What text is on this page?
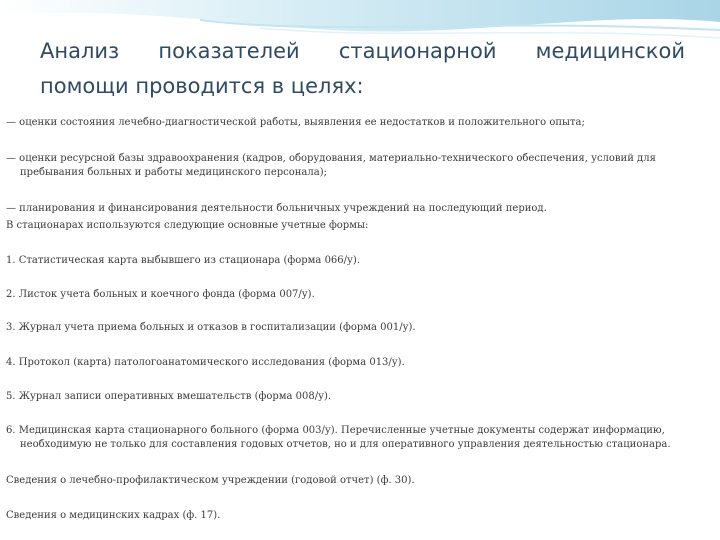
Анализ показателей стационарной медицинской
помощи проводится в целях:

— оценки состояния лечебно-диагностической работы, выявления ее недостатков и положительного опыта;

— оценки ресурсной базы здравоохранения (кадров, оборудования, материально-технического обеспечения, условий для пребывания больных и работы медицинского персонала);

— планирования и финансирования деятельности больничных учреждений на последующий период.

В стационарах используются следующие основные учетные формы:

1. Статистическая карта выбывшего из стационара (форма 066/у).

2. Листок учета больных и коечного фонда (форма 007/у).

3. Журнал учета приема больных и отказов в госпитализации (форма 001/у).

4. Протокол (карта) патологоанатомического исследования (форма 013/у).

5. Журнал записи оперативных вмешательств (форма 008/у).

6. Медицинская карта стационарного больного (форма 003/у). Перечисленные учетные документы содержат информацию, необходимую не только для составления годовых отчетов, но и для оперативного управления деятельностью стационара.

Сведения о лечебно-профилактическом учреждении (годовой отчет) (ф. 30).

Сведения о медицинских кадрах (ф. 17).
